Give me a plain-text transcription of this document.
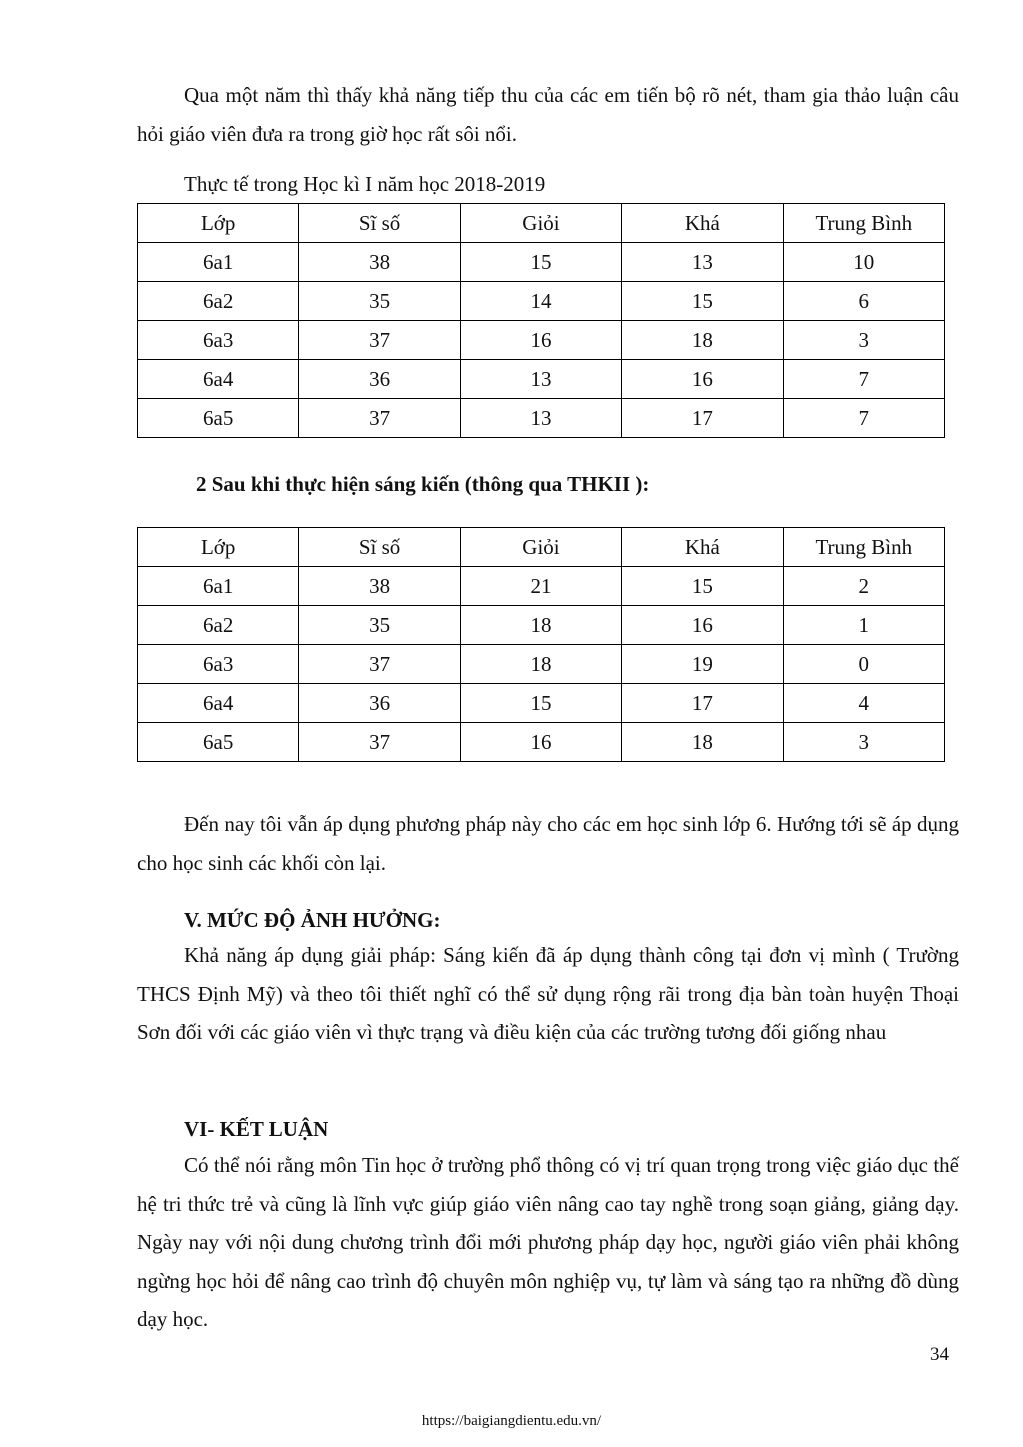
Qua một năm thì thấy khả năng tiếp thu của các em tiến bộ rõ nét, tham gia thảo luận câu hỏi giáo viên đưa ra trong giờ học rất sôi nổi.

Thực tế trong Học kì I năm học 2018-2019
Lớp	Sĩ số	Giỏi	Khá	Trung Bình
6a1	38	15	13	10
6a2	35	14	15	6
6a3	37	16	18	3
6a4	36	13	16	7
6a5	37	13	17	7
2 Sau khi thực hiện sáng kiến (thông qua THKII ):
Lớp	Sĩ số	Giỏi	Khá	Trung Bình
6a1	38	21	15	2
6a2	35	18	16	1
6a3	37	18	19	0
6a4	36	15	17	4
6a5	37	16	18	3

Đến nay tôi vẫn áp dụng phương pháp này cho các em học sinh lớp 6. Hướng tới sẽ áp dụng cho học sinh các khối còn lại.

V. MỨC ĐỘ ẢNH HƯỞNG:

Khả năng áp dụng giải pháp: Sáng kiến đã áp dụng thành công tại đơn vị mình ( Trường THCS Định Mỹ) và theo tôi thiết nghĩ có thể sử dụng rộng rãi trong địa bàn toàn huyện Thoại Sơn đối với các giáo viên vì thực trạng và điều kiện của các trường tương đối giống nhau

VI- KẾT LUẬN

Có thể nói rằng môn Tin học ở trường phổ thông có vị trí quan trọng trong việc giáo dục thế hệ tri thức trẻ và cũng là lĩnh vực giúp giáo viên nâng cao tay nghề trong soạn giảng, giảng dạy. Ngày nay với nội dung chương trình đổi mới phương pháp dạy học, người giáo viên phải không ngừng học hỏi để nâng cao trình độ chuyên môn nghiệp vụ, tự làm và sáng tạo ra những đồ dùng dạy học.

34
https://baigiangdientu.edu.vn/
